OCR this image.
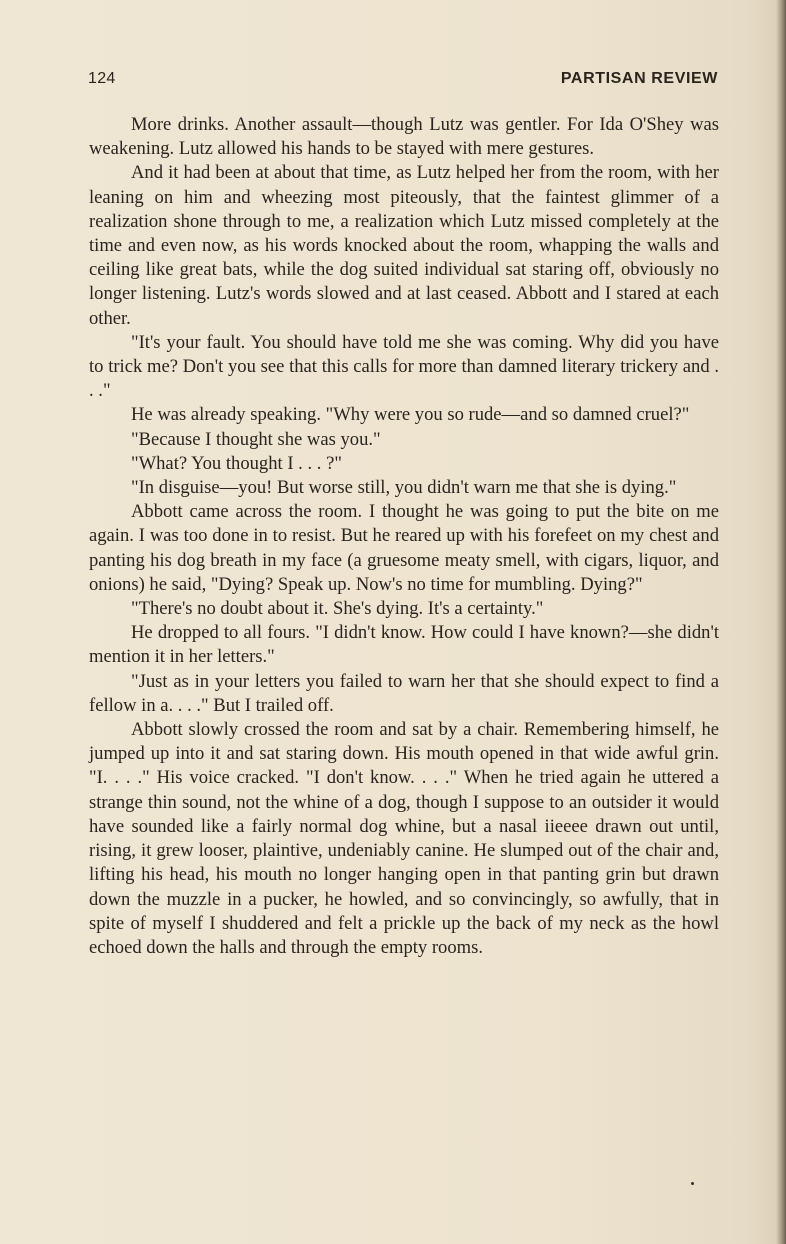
124	PARTISAN REVIEW

More drinks. Another assault—though Lutz was gentler. For Ida O'Shey was weakening. Lutz allowed his hands to be stayed with mere gestures.

And it had been at about that time, as Lutz helped her from the room, with her leaning on him and wheezing most piteously, that the faintest glimmer of a realization shone through to me, a realization which Lutz missed completely at the time and even now, as his words knocked about the room, whapping the walls and ceiling like great bats, while the dog suited individual sat staring off, obviously no longer listening. Lutz's words slowed and at last ceased. Abbott and I stared at each other.

"It's your fault. You should have told me she was coming. Why did you have to trick me? Don't you see that this calls for more than damned literary trickery and . . ."

He was already speaking. "Why were you so rude—and so damned cruel?"

"Because I thought she was you."

"What? You thought I . . . ?"

"In disguise—you! But worse still, you didn't warn me that she is dying."

Abbott came across the room. I thought he was going to put the bite on me again. I was too done in to resist. But he reared up with his forefeet on my chest and panting his dog breath in my face (a gruesome meaty smell, with cigars, liquor, and onions) he said, "Dying? Speak up. Now's no time for mumbling. Dying?"

"There's no doubt about it. She's dying. It's a certainty."

He dropped to all fours. "I didn't know. How could I have known?—she didn't mention it in her letters."

"Just as in your letters you failed to warn her that she should expect to find a fellow in a. . . ." But I trailed off.

Abbott slowly crossed the room and sat by a chair. Remembering himself, he jumped up into it and sat staring down. His mouth opened in that wide awful grin. "I. . . ." His voice cracked. "I don't know. . . ." When he tried again he uttered a strange thin sound, not the whine of a dog, though I suppose to an outsider it would have sounded like a fairly normal dog whine, but a nasal iieeee drawn out until, rising, it grew looser, plaintive, undeniably canine. He slumped out of the chair and, lifting his head, his mouth no longer hanging open in that panting grin but drawn down the muzzle in a pucker, he howled, and so convincingly, so awfully, that in spite of myself I shuddered and felt a prickle up the back of my neck as the howl echoed down the halls and through the empty rooms.
